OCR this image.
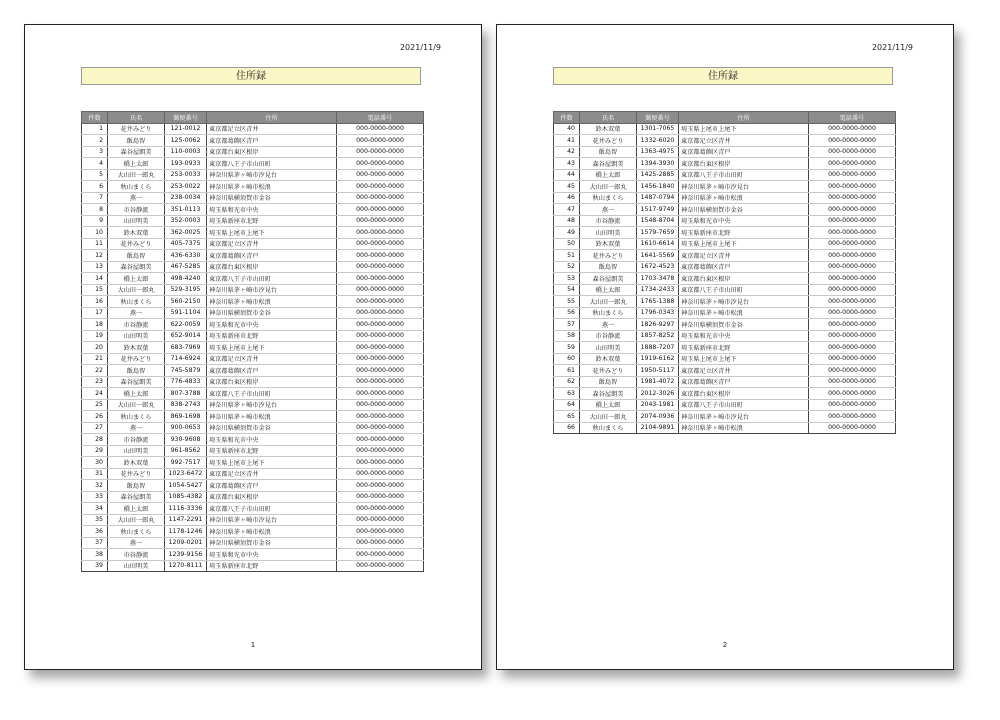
2021/11/9
住所録
件数	氏名	郵便番号	住所	電話番号
1	花井みどり	121-0012	東京都足立区青井	000-0000-0000
2	飯島智	125-0062	東京都葛飾区青戸	000-0000-0000
3	森谷屋朗美	110-0003	東京都台東区根岸	000-0000-0000
4	橋上太郎	193-0933	東京都八王子市山田町	000-0000-0000
5	大山田一郎丸	253-0033	神奈川県茅ヶ崎市汐見台	000-0000-0000
6	秋山まくら	253-0022	神奈川県茅ヶ崎市松浪	000-0000-0000
7	燕一	238-0034	神奈川県横須賀市金谷	000-0000-0000
8	市谷静流	351-0113	埼玉県和光市中央	000-0000-0000
9	山田明美	352-0003	埼玉県新座市北野	000-0000-0000
10	鈴木双葉	362-0025	埼玉県上尾市上尾下	000-0000-0000
11	花井みどり	405-7375	東京都足立区青井	000-0000-0000
12	飯島智	436-6330	東京都葛飾区青戸	000-0000-0000
13	森谷屋朗美	467-5285	東京都台東区根岸	000-0000-0000
14	橋上太郎	498-4240	東京都八王子市山田町	000-0000-0000
15	大山田一郎丸	529-3195	神奈川県茅ヶ崎市汐見台	000-0000-0000
16	秋山まくら	560-2150	神奈川県茅ヶ崎市松浪	000-0000-0000
17	燕一	591-1104	神奈川県横須賀市金谷	000-0000-0000
18	市谷静流	622-0059	埼玉県和光市中央	000-0000-0000
19	山田明美	652-9014	埼玉県新座市北野	000-0000-0000
20	鈴木双葉	683-7969	埼玉県上尾市上尾下	000-0000-0000
21	花井みどり	714-6924	東京都足立区青井	000-0000-0000
22	飯島智	745-5879	東京都葛飾区青戸	000-0000-0000
23	森谷屋朗美	776-4833	東京都台東区根岸	000-0000-0000
24	橋上太郎	807-3788	東京都八王子市山田町	000-0000-0000
25	大山田一郎丸	838-2743	神奈川県茅ヶ崎市汐見台	000-0000-0000
26	秋山まくら	869-1698	神奈川県茅ヶ崎市松浪	000-0000-0000
27	燕一	900-0653	神奈川県横須賀市金谷	000-0000-0000
28	市谷静流	930-9608	埼玉県和光市中央	000-0000-0000
29	山田明美	961-8562	埼玉県新座市北野	000-0000-0000
30	鈴木双葉	992-7517	埼玉県上尾市上尾下	000-0000-0000
31	花井みどり	1023-6472	東京都足立区青井	000-0000-0000
32	飯島智	1054-5427	東京都葛飾区青戸	000-0000-0000
33	森谷屋朗美	1085-4382	東京都台東区根岸	000-0000-0000
34	橋上太郎	1116-3336	東京都八王子市山田町	000-0000-0000
35	大山田一郎丸	1147-2291	神奈川県茅ヶ崎市汐見台	000-0000-0000
36	秋山まくら	1178-1246	神奈川県茅ヶ崎市松浪	000-0000-0000
37	燕一	1209-0201	神奈川県横須賀市金谷	000-0000-0000
38	市谷静流	1239-9156	埼玉県和光市中央	000-0000-0000
39	山田明美	1270-8111	埼玉県新座市北野	000-0000-0000
1
2021/11/9
住所録
件数	氏名	郵便番号	住所	電話番号
40	鈴木双葉	1301-7065	埼玉県上尾市上尾下	000-0000-0000
41	花井みどり	1332-6020	東京都足立区青井	000-0000-0000
42	飯島智	1363-4975	東京都葛飾区青戸	000-0000-0000
43	森谷屋朗美	1394-3930	東京都台東区根岸	000-0000-0000
44	橋上太郎	1425-2885	東京都八王子市山田町	000-0000-0000
45	大山田一郎丸	1456-1840	神奈川県茅ヶ崎市汐見台	000-0000-0000
46	秋山まくら	1487-0794	神奈川県茅ヶ崎市松浪	000-0000-0000
47	燕一	1517-9749	神奈川県横須賀市金谷	000-0000-0000
48	市谷静流	1548-8704	埼玉県和光市中央	000-0000-0000
49	山田明美	1579-7659	埼玉県新座市北野	000-0000-0000
50	鈴木双葉	1610-6614	埼玉県上尾市上尾下	000-0000-0000
51	花井みどり	1641-5569	東京都足立区青井	000-0000-0000
52	飯島智	1672-4523	東京都葛飾区青戸	000-0000-0000
53	森谷屋朗美	1703-3478	東京都台東区根岸	000-0000-0000
54	橋上太郎	1734-2433	東京都八王子市山田町	000-0000-0000
55	大山田一郎丸	1765-1388	神奈川県茅ヶ崎市汐見台	000-0000-0000
56	秋山まくら	1796-0343	神奈川県茅ヶ崎市松浪	000-0000-0000
57	燕一	1826-9297	神奈川県横須賀市金谷	000-0000-0000
58	市谷静流	1857-8252	埼玉県和光市中央	000-0000-0000
59	山田明美	1888-7207	埼玉県新座市北野	000-0000-0000
60	鈴木双葉	1919-6162	埼玉県上尾市上尾下	000-0000-0000
61	花井みどり	1950-5117	東京都足立区青井	000-0000-0000
62	飯島智	1981-4072	東京都葛飾区青戸	000-0000-0000
63	森谷屋朗美	2012-3026	東京都台東区根岸	000-0000-0000
64	橋上太郎	2043-1981	東京都八王子市山田町	000-0000-0000
65	大山田一郎丸	2074-0936	神奈川県茅ヶ崎市汐見台	000-0000-0000
66	秋山まくら	2104-9891	神奈川県茅ヶ崎市松浪	000-0000-0000
2
